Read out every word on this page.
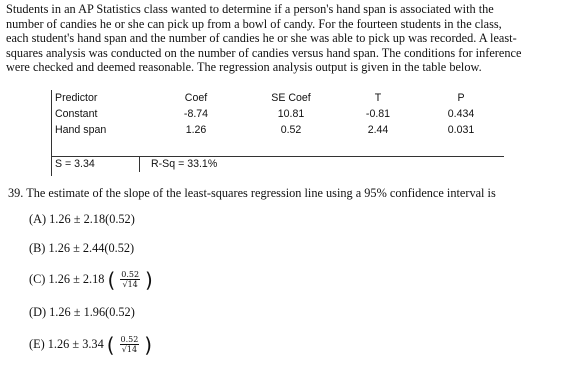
Students in an AP Statistics class wanted to determine if a person's hand span is associated with the
number of candies he or she can pick up from a bowl of candy. For the fourteen students in the class,
each student's hand span and the number of candies he or she was able to pick up was recorded. A least-
squares analysis was conducted on the number of candies versus hand span. The conditions for inference
were checked and deemed reasonable. The regression analysis output is given in the table below.
Predictor	Coef	SE Coef	T	P
Constant	-8.74	10.81	-0.81	0.434
Hand span	1.26	0.52	2.44	0.031
S = 3.34	R-Sq = 33.1%

39. The estimate of the slope of the least-squares regression line using a 95% confidence interval is

(A) 1.26 ± 2.18(0.52)
(B) 1.26 ± 2.44(0.52)
(C) 1.26 ± 2.18 ( $\frac{0.52}{√14}$ )
(D) 1.26 ± 1.96(0.52)
(E) 1.26 ± 3.34 ( $\frac{0.52}{√14}$ )
